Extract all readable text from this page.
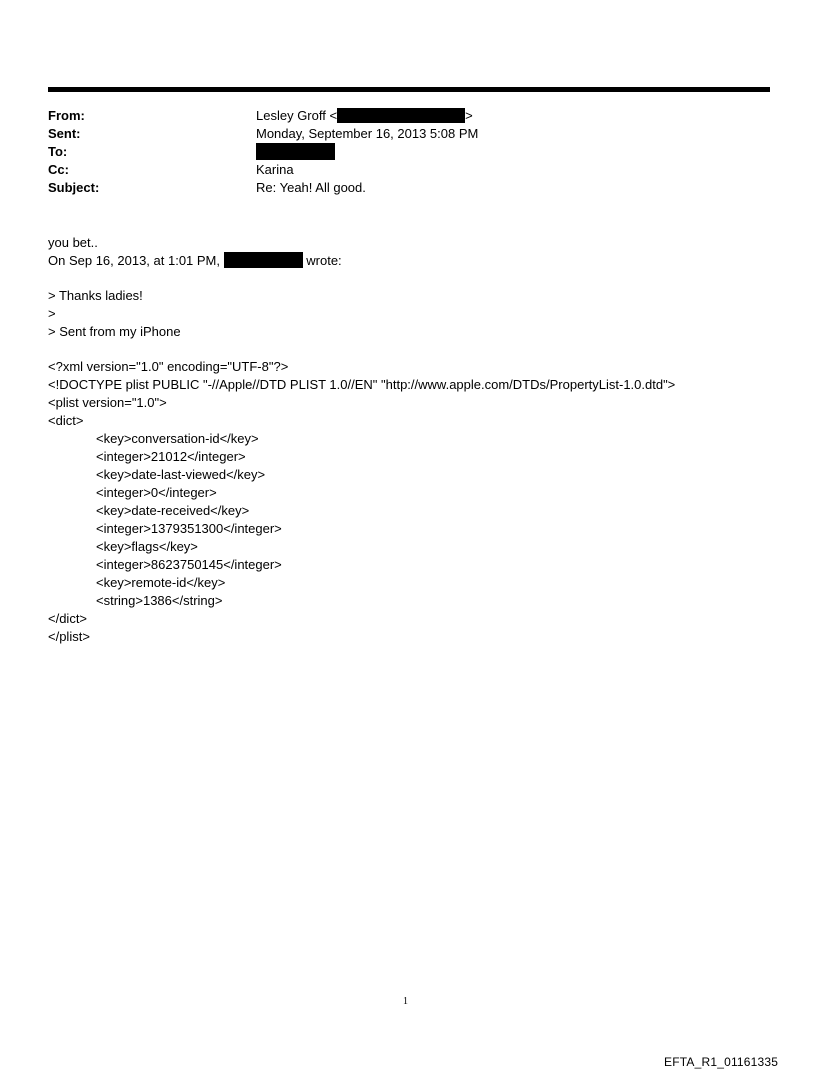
From:	Lesley Groff <	>
Sent:	Monday, September 16, 2013 5:08 PM
To:
Cc:	Karina
Subject:	Re: Yeah! All good.
you bet..
On Sep 16, 2013, at 1:01 PM,	wrote:
> Thanks ladies!
>
> Sent from my iPhone
<?xml version="1.0" encoding="UTF-8"?>
<!DOCTYPE plist PUBLIC "-//Apple//DTD PLIST 1.0//EN" "http://www.apple.com/DTDs/PropertyList-1.0.dtd">
<plist version="1.0">
<dict>
<key>conversation-id</key>
<integer>21012</integer>
<key>date-last-viewed</key>
<integer>0</integer>
<key>date-received</key>
<integer>1379351300</integer>
<key>flags</key>
<integer>8623750145</integer>
<key>remote-id</key>
<string>1386</string>
</dict>
</plist>
1
EFTA_R1_01161335
